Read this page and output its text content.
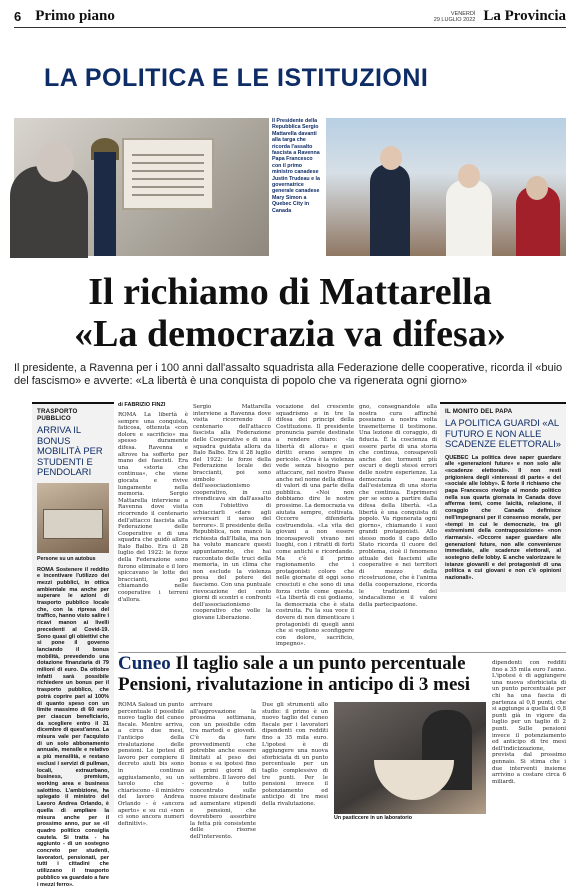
6 Primo piano	VENERDÌ
29 LUGLIO 2022 La Provincia
LA POLITICA E LE ISTITUZIONI
Il Presidente della Repubblica Sergio Mattarella davanti alla targa che ricorda l'assalto fascista a Ravenna Papa Francesco con il primo ministro canadese Justin Trudeau e la governatrice generale canadese Mary Simon a Quebec City in Canada
Il richiamo di Mattarella
«La democrazia va difesa»
Il presidente, a Ravenna per i 100 anni dall'assalto squadrista alla Federazione delle cooperative, ricorda il «buio del fascismo» e avverte: «La libertà è una conquista di popolo che va rigenerata ogni giorno»
TRASPORTO PUBBLICO
ARRIVA IL BONUS MOBILITÀ PER STUDENTI E PENDOLARI
Persone su un autobus
ROMA Sostenere il reddito e incentivare l'utilizzo dei mezzi pubblici, in ottica ambientale ma anche per superare le azioni di trasporto pubblico locale che, con la ripresa del traffico, hanno visto salire i ricavi manon ai livelli precedenti al Covid-19. Sono quasi gli obiettivi che si pone il governo lanciando il bonus mobilità, prevedendo una dotazione finanziaria di 79 milioni di euro. Da ottobre infatti sarà possibile richiedere un bonus per il trasporto pubblico, che potrà coprire pari al 100% di quanto speso con un limite massimo di 60 euro per ciascun beneficiario, da scegliere entro il 31 dicembre di quest'anno. La misura vale per l'acquisto di un solo abbonamento annuale, mensile e relativo a più mensilità, e restano esclusi i servizi di pullman, locali, extraurbano, business, premium, working area e business salottino. L'ambizione, ha spiegato il ministro del Lavoro Andrea Orlando, è quella di ampliare la misura anche per il prossimo anno, pur se «il quadro politico consiglia cautela. Si tratta - ha aggiunto - di un sostegno concreto per studenti, lavoratori, pensionati, per tutti i cittadini che utilizzano il trasporto pubblico va guardato a fare i mezzi ferro».
di FABRIZIO FINZI
ROMA La libertà è sempre una conquista, faticosa, ottenuta «con dolore e sacrificio» ma spesso duramente difesa. Ravenna e altrove ha sofferto per mano dei fascisti. Era una «storia che continua», che viene giocata e rivive lungamente nella memoria. Sergio Mattarella interviene a Ravenna dove visita ricorrendo il centenario dell'attacco fascista alla Federazione delle Cooperative e di una squadra che guidò allora Italo Balbo. Era il 28 luglio del 1922: le forze della Federazione sono furono eliminate e il loro spiccavano le lotte dei braccianti, poi chiamando nelle cooperative i terreni d'allora.
Sergio Mattarella interviene a Ravenna dove visita ricorrendo il centenario dell'attacco fascista alla Federazione delle Cooperative e di una squadra guidata allora da Italo Balbo. Era il 28 luglio del 1922: le forze della Federazione locale dei braccianti, poi sono simbolo dell'associazionismo cooperativo, in cui rivendicava sin dall'assalto con l'obiettivo di schiacciarli «dare agli avversari il senso del terrore». Il presidente della Repubblica, non mancò la richiesta dall'Italia, ma non ha voluto mancare questi appuntamento, che hai raccontato delle truci della memoria, in un clima che non esclude la violenza presa del potere del fascismo. Con una puntuale rievocazione dei cento giorni di scontri e confronti dell'associazionismo cooperativo che volle la giovane Liberazione.
vocazione del crescente squadrismo e in tre la difesa dei principi della Costituzione. Il presidente pronuncia parole destinate a rendere chiaro: «la libertà di allora» e quei diritti erano sempre in pericolo. «Ora è la violenza vede senza bisogno per attaccare, nel nostro Paese anche nel nome della difesa di valori di una parte della pubblica. «Noi non dobbiamo dire le nostre prossime. La democrazia va aiutata sempre, coltivata. Occorre difenderla costruendola. «La vita dei giovani a non essere inconsapevoli vivano nei luoghi, con i ritratti di forti come antichi e ricordando. Ma c'è il primo ragionamento che i protagonisti coloro che nelle giornate di oggi sono cresciuti e che sono di una forza civile come questa. «La libertà di cui godiamo, la democrazia che è stata costruita. Fu la sua voce il dovere di non dimenticare i protagonisti di quegli anni che si vogliono sconfiggere con dolore, sacrificio, impegno».
gno, consegnandole alla nostra cura affinché possiamo a nostra volta trasmetterne il testimone. Una lezione di coraggio, di fiducia. È la coscienza di essere parte di una storia che continua, consapevoli anche dei tormenti più oscuri e degli stessi errori delle nostre esperienze. La democrazia nasce dall'esistenza di una storia che continua. Esprimersi per se sono a partire dalla difesa della libertà. «La libertà è una conquista di popolo. Va rigenerata ogni giorno», chiamando i suoi grandi protagonisti. Allo stesso modo il capo dello Stato ricorda il cuore del problema, cioè il fenomeno attuale dei fascismi alle cooperative e nei territori di mezzo della ricostruzione, che è l'anima della cooperazione, ricorda le tradizioni del sindacalismo e il valore della partecipazione.
IL MONITO DEL PAPA
LA POLITICA GUARDI «AL FUTURO E NON ALLE SCADENZE ELETTORALI»
QUEBEC La politica deve saper guardare alle «generazioni future» e non solo alle «scadenze elettorali». Il non resti prigioniera degli «interessi di parte» e del «sociale alle lobby». È forte il richiamo che papa Francesco rivolge al mondo politico nella sua quarta giornata in Canada dove afferma temi, come laicità, relazione, il coraggio che Canada definisce nell'impegnarsi per il consenso morale, per «tempi in cui le democrazie, tra gli estremismi della contrapposizione» «non riarmarsi». «Occorre saper guardare alle generazioni future, non alle convenienze immediate, alle scadenze elettorali, al sostegno delle lobby. E anche valorizzare le istanze giovanili e dei protagonisti di una politica a cui giovani e non c'è opinioni nazionali».
Cuneo Il taglio sale a un punto percentuale
Pensioni, rivalutazione in anticipo di 3 mesi
ROMA Salead un punto percentuale il possibile nuovo taglio del cuneo fiscale. Mentre arriva, a circa due mesi, l'anticipo della rivalutazione delle pensioni. Le ipotesi di lavoro per compiere il decreto aiuti bis sono in continuo aggiustamento, su un tavolo che - chiariscono - il ministro del lavoro Andrea Orlando - è «ancora aperto» e su cui «non ci sono ancora numeri definitivi».
arrivare all'approvazione la prossima settimana, con un possibile cdm tra martedì e giovedì. C'è da fare provvedimenti che potrebbe anche essere limitati al peso dei bonus e su ipotesi fino ai primi giorni di settembre. Il lavoro del governo è tutto concentrato sulle nuove misure destinate ad aumentare stipendi e pensioni, che dovrebbero assorbire la fetta più consistente delle risorse dell'intervento.
Due gli strumenti allo studio: il primo è un nuovo taglio del cuneo fiscale per i lavoratori dipendenti con redditi fino a 35 mila euro. L'ipotesi è di aggiungere una nuova sforbiciata di un punto percentuale per un taglio complessivo di tre punti. Per le pensioni invece il potenziamento ed anticipo di tre mesi della rivalutazione.
dipendenti con redditi fino a 35 mila euro l'anno. L'ipotesi è di aggiungere una nuova sforbiciata di un punto percentuale per chi ha una fascia di partenza al 0,8 punti, che si aggiunge a quella di 0,8 punti già in vigore da luglio per un taglio di 2 punti. Sulle pensioni invece il potenziamento ed anticipo di tre mesi dell'indicizzazione, prevista dal prossimo gennaio. Si stima che i due interventi insieme arrivino a costare circa 6 miliardi.
Un pasticcere in un laboratorio
